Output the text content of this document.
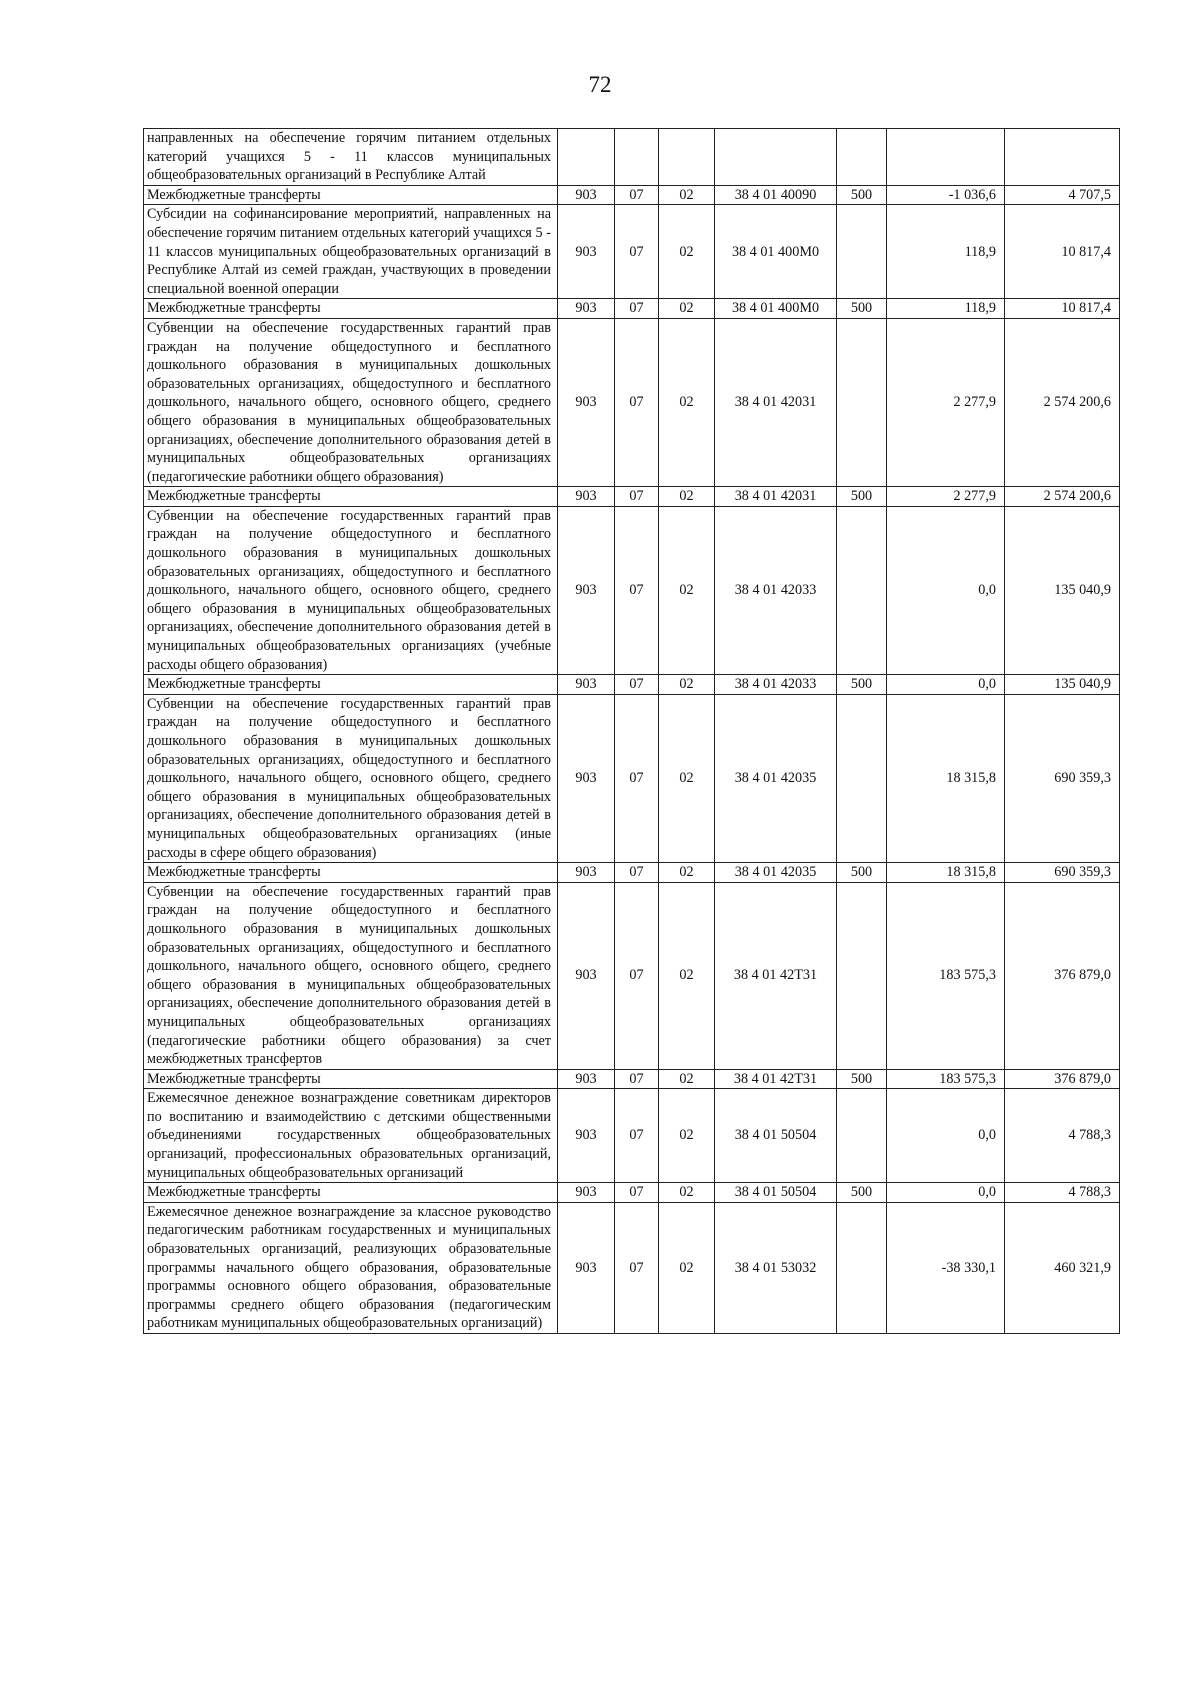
72
направленных на обеспечение горячим питанием отдельных категорий учащихся 5 - 11 классов муниципальных общеобразовательных организаций в Республике Алтай							
Межбюджетные трансферты	903	07	02	38 4 01 40090	500	-1 036,6	4 707,5
Субсидии на софинансирование мероприятий, направленных на обеспечение горячим питанием отдельных категорий учащихся 5 - 11 классов муниципальных общеобразовательных организаций в Республике Алтай из семей граждан, участвующих в проведении специальной военной операции	903	07	02	38 4 01 400М0		118,9	10 817,4
Межбюджетные трансферты	903	07	02	38 4 01 400М0	500	118,9	10 817,4
Субвенции на обеспечение государственных гарантий прав граждан на получение общедоступного и бесплатного дошкольного образования в муниципальных дошкольных образовательных организациях, общедоступного и бесплатного дошкольного, начального общего, основного общего, среднего общего образования в муниципальных общеобразовательных организациях, обеспечение дополнительного образования детей в муниципальных общеобразовательных организациях (педагогические работники общего образования)	903	07	02	38 4 01 42031		2 277,9	2 574 200,6
Межбюджетные трансферты	903	07	02	38 4 01 42031	500	2 277,9	2 574 200,6
Субвенции на обеспечение государственных гарантий прав граждан на получение общедоступного и бесплатного дошкольного образования в муниципальных дошкольных образовательных организациях, общедоступного и бесплатного дошкольного, начального общего, основного общего, среднего общего образования в муниципальных общеобразовательных организациях, обеспечение дополнительного образования детей в муниципальных общеобразовательных организациях (учебные расходы общего образования)	903	07	02	38 4 01 42033		0,0	135 040,9
Межбюджетные трансферты	903	07	02	38 4 01 42033	500	0,0	135 040,9
Субвенции на обеспечение государственных гарантий прав граждан на получение общедоступного и бесплатного дошкольного образования в муниципальных дошкольных образовательных организациях, общедоступного и бесплатного дошкольного, начального общего, основного общего, среднего общего образования в муниципальных общеобразовательных организациях, обеспечение дополнительного образования детей в муниципальных общеобразовательных организациях (иные расходы в сфере общего образования)	903	07	02	38 4 01 42035		18 315,8	690 359,3
Межбюджетные трансферты	903	07	02	38 4 01 42035	500	18 315,8	690 359,3
Субвенции на обеспечение государственных гарантий прав граждан на получение общедоступного и бесплатного дошкольного образования в муниципальных дошкольных образовательных организациях, общедоступного и бесплатного дошкольного, начального общего, основного общего, среднего общего образования в муниципальных общеобразовательных организациях, обеспечение дополнительного образования детей в муниципальных общеобразовательных организациях (педагогические работники общего образования) за счет межбюджетных трансфертов	903	07	02	38 4 01 42Т31		183 575,3	376 879,0
Межбюджетные трансферты	903	07	02	38 4 01 42Т31	500	183 575,3	376 879,0
Ежемесячное денежное вознаграждение советникам директоров по воспитанию и взаимодействию с детскими общественными объединениями государственных общеобразовательных организаций, профессиональных образовательных организаций, муниципальных общеобразовательных организаций	903	07	02	38 4 01 50504		0,0	4 788,3
Межбюджетные трансферты	903	07	02	38 4 01 50504	500	0,0	4 788,3
Ежемесячное денежное вознаграждение за классное руководство педагогическим работникам государственных и муниципальных образовательных организаций, реализующих образовательные программы начального общего образования, образовательные программы основного общего образования, образовательные программы среднего общего образования (педагогическим работникам муниципальных общеобразовательных организаций)	903	07	02	38 4 01 53032		-38 330,1	460 321,9
